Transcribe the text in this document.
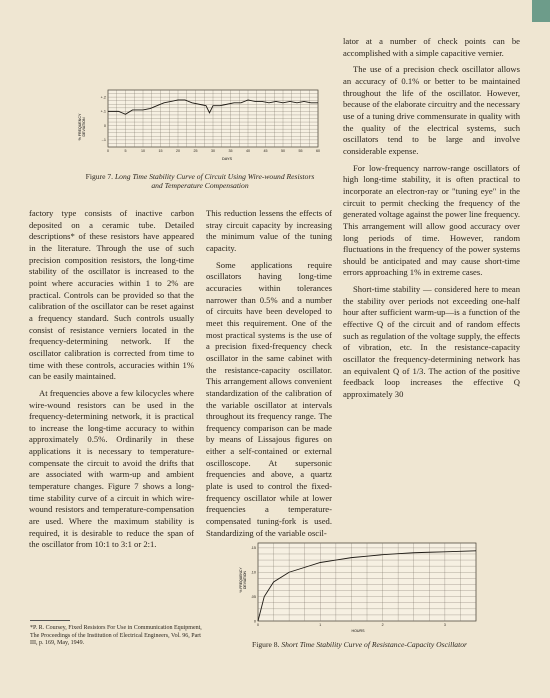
% FREQUENCY DEVIATION
DAYS
+.2
+.1
0
-.1
0	5	10	15	20	25	30	35	40	45	50	55	60
Figure 7. Long Time Stability Curve of Circuit Using Wire-wound Resistors
and Temperature Compensation

factory type consists of inactive carbon deposited on a ceramic tube. Detailed descriptions* of these resistors have appeared in the literature. Through the use of such precision composition resistors, the long-time stability of the oscillator is increased to the point where accuracies within 1 to 2% are practical. Controls can be provided so that the calibration of the oscillator can be reset against a frequency standard. Such controls usually consist of resistance verniers located in the frequency-determining network. If the oscillator calibration is corrected from time to time with these controls, accuracies within 1% can be easily maintained.

At frequencies above a few kilocycles where wire-wound resistors can be used in the frequency-determining network, it is practical to increase the long-time accuracy to within approximately 0.5%. Ordinarily in these applications it is necessary to temperature-compensate the circuit to avoid the drifts that are associated with warm-up and ambient temperature changes. Figure 7 shows a long-time stability curve of a circuit in which wire-wound resistors and temperature-compensation are used. Where the maximum stability is required, it is desirable to reduce the span of the oscillator from 10:1 to 3:1 or 2:1.

*P. R. Coursey, Fixed Resistors For Use in Communication Equipment, The Proceedings of the Institution of Electrical Engineers, Vol. 96, Part III, p. 169, May, 1949.

This reduction lessens the effects of stray circuit capacity by increasing the minimum value of the tuning capacity.

Some applications require oscillators having long-time accuracies within tolerances narrower than 0.5% and a number of circuits have been developed to meet this requirement. One of the most practical systems is the use of a precision fixed-frequency check oscillator in the same cabinet with the resistance-capacity oscillator. This arrangement allows convenient standardization of the calibration of the variable oscillator at intervals throughout its frequency range. The frequency comparison can be made by means of Lissajous figures on either a self-contained or external oscilloscope. At supersonic frequencies and above, a quartz plate is used to control the fixed-frequency oscillator while at lower frequencies a temperature-compensated tuning-fork is used. Standardizing of the variable oscil-

lator at a number of check points can be accomplished with a simple capacitive vernier.

The use of a precision check oscillator allows an accuracy of 0.1% or better to be maintained throughout the life of the oscillator. However, because of the elaborate circuitry and the necessary use of a tuning drive commensurate in quality with the quality of the electrical systems, such oscillators tend to be large and involve considerable expense.

For low-frequency narrow-range oscillators of high long-time stability, it is often practical to incorporate an electron-ray or "tuning eye" in the circuit to permit checking the frequency of the generated voltage against the power line frequency. This arrangement will allow good accuracy over long periods of time. However, random fluctuations in the frequency of the power systems should be anticipated and may cause short-time errors approaching 1% in extreme cases.

Short-time stability — considered here to mean the stability over periods not exceeding one-half hour after sufficient warm-up—is a function of the effective Q of the circuit and of random effects such as regulation of the voltage supply, the effects of vibration, etc. In the resistance-capacity oscillator the frequency-determining network has an equivalent Q of 1/3. The action of the positive feedback loop increases the effective Q approximately 30

% FREQUENCY DEVIATION
HOURS
.15
.10
.05
0
0	1	2	3
Figure 8. Short Time Stability Curve of Resistance-Capacity Oscillator
